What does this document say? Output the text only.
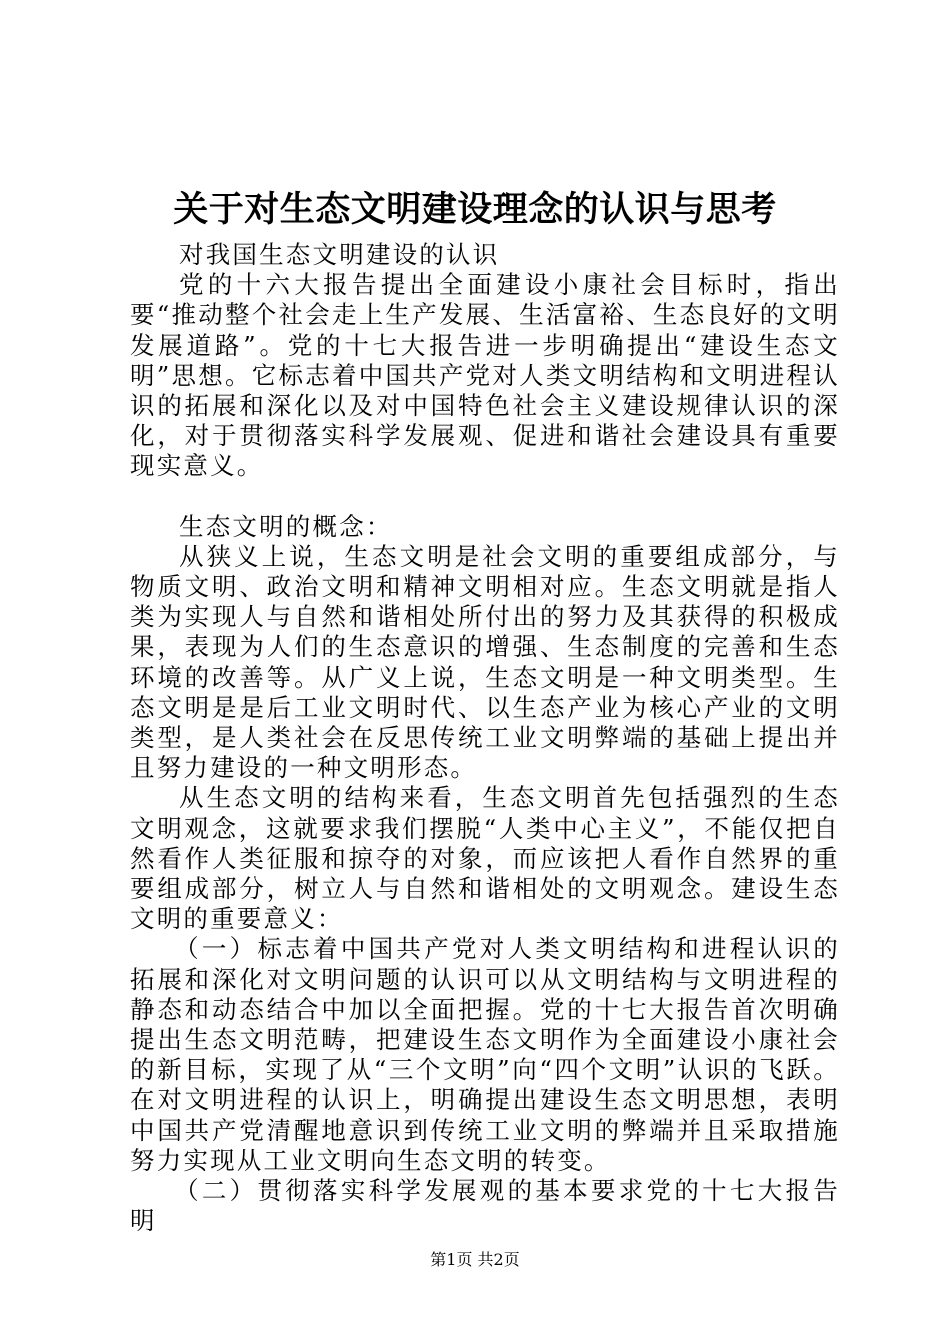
关于对生态文明建设理念的认识与思考

对我国生态文明建设的认识

党的十六大报告提出全面建设小康社会目标时，指出要“推动整个社会走上生产发展、生活富裕、生态良好的文明发展道路”。党的十七大报告进一步明确提出“建设生态文明”思想。它标志着中国共产党对人类文明结构和文明进程认识的拓展和深化以及对中国特色社会主义建设规律认识的深化，对于贯彻落实科学发展观、促进和谐社会建设具有重要现实意义。

生态文明的概念：

从狭义上说，生态文明是社会文明的重要组成部分，与物质文明、政治文明和精神文明相对应。生态文明就是指人类为实现人与自然和谐相处所付出的努力及其获得的积极成果，表现为人们的生态意识的增强、生态制度的完善和生态环境的改善等。从广义上说，生态文明是一种文明类型。生态文明是是后工业文明时代、以生态产业为核心产业的文明类型，是人类社会在反思传统工业文明弊端的基础上提出并且努力建设的一种文明形态。

从生态文明的结构来看，生态文明首先包括强烈的生态文明观念，这就要求我们摆脱“人类中心主义”，不能仅把自然看作人类征服和掠夺的对象，而应该把人看作自然界的重要组成部分，树立人与自然和谐相处的文明观念。建设生态文明的重要意义：

（一）标志着中国共产党对人类文明结构和进程认识的拓展和深化对文明问题的认识可以从文明结构与文明进程的静态和动态结合中加以全面把握。党的十七大报告首次明确提出生态文明范畴，把建设生态文明作为全面建设小康社会的新目标，实现了从“三个文明”向“四个文明”认识的飞跃。在对文明进程的认识上，明确提出建设生态文明思想，表明中国共产党清醒地意识到传统工业文明的弊端并且采取措施努力实现从工业文明向生态文明的转变。

（二）贯彻落实科学发展观的基本要求党的十七大报告明

第1页 共2页
